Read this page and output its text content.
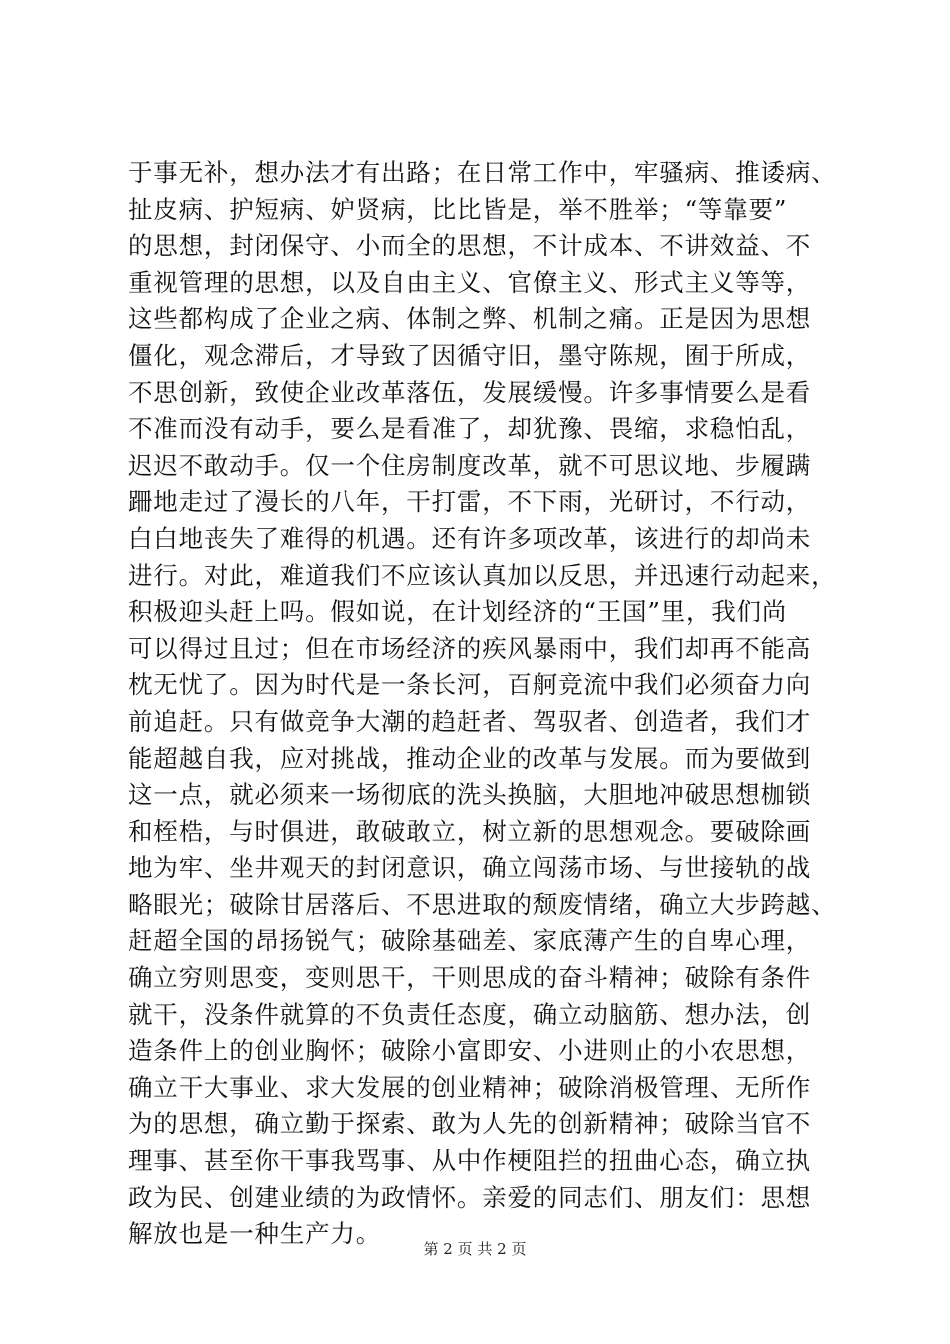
于事无补，想办法才有出路；在日常工作中，牢骚病、推诿病、
扯皮病、护短病、妒贤病，比比皆是，举不胜举；“等靠要”
的思想，封闭保守、小而全的思想，不计成本、不讲效益、不
重视管理的思想，以及自由主义、官僚主义、形式主义等等，
这些都构成了企业之病、体制之弊、机制之痛。正是因为思想
僵化，观念滞后，才导致了因循守旧，墨守陈规，囿于所成，
不思创新，致使企业改革落伍，发展缓慢。许多事情要么是看
不准而没有动手，要么是看准了，却犹豫、畏缩，求稳怕乱，
迟迟不敢动手。仅一个住房制度改革，就不可思议地、步履蹒
跚地走过了漫长的八年，干打雷，不下雨，光研讨，不行动，
白白地丧失了难得的机遇。还有许多项改革，该进行的却尚未
进行。对此，难道我们不应该认真加以反思，并迅速行动起来，
积极迎头赶上吗。假如说，在计划经济的“王国”里，我们尚
可以得过且过；但在市场经济的疾风暴雨中，我们却再不能高
枕无忧了。因为时代是一条长河，百舸竞流中我们必须奋力向
前追赶。只有做竞争大潮的趋赶者、驾驭者、创造者，我们才
能超越自我，应对挑战，推动企业的改革与发展。而为要做到
这一点，就必须来一场彻底的洗头换脑，大胆地冲破思想枷锁
和桎梏，与时俱进，敢破敢立，树立新的思想观念。要破除画
地为牢、坐井观天的封闭意识，确立闯荡市场、与世接轨的战
略眼光；破除甘居落后、不思进取的颓废情绪，确立大步跨越、
赶超全国的昂扬锐气；破除基础差、家底薄产生的自卑心理，
确立穷则思变，变则思干，干则思成的奋斗精神；破除有条件
就干，没条件就算的不负责任态度，确立动脑筋、想办法，创
造条件上的创业胸怀；破除小富即安、小进则止的小农思想，
确立干大事业、求大发展的创业精神；破除消极管理、无所作
为的思想，确立勤于探索、敢为人先的创新精神；破除当官不
理事、甚至你干事我骂事、从中作梗阻拦的扭曲心态，确立执
政为民、创建业绩的为政情怀。亲爱的同志们、朋友们：思想
解放也是一种生产力。
第 2 页 共 2 页
